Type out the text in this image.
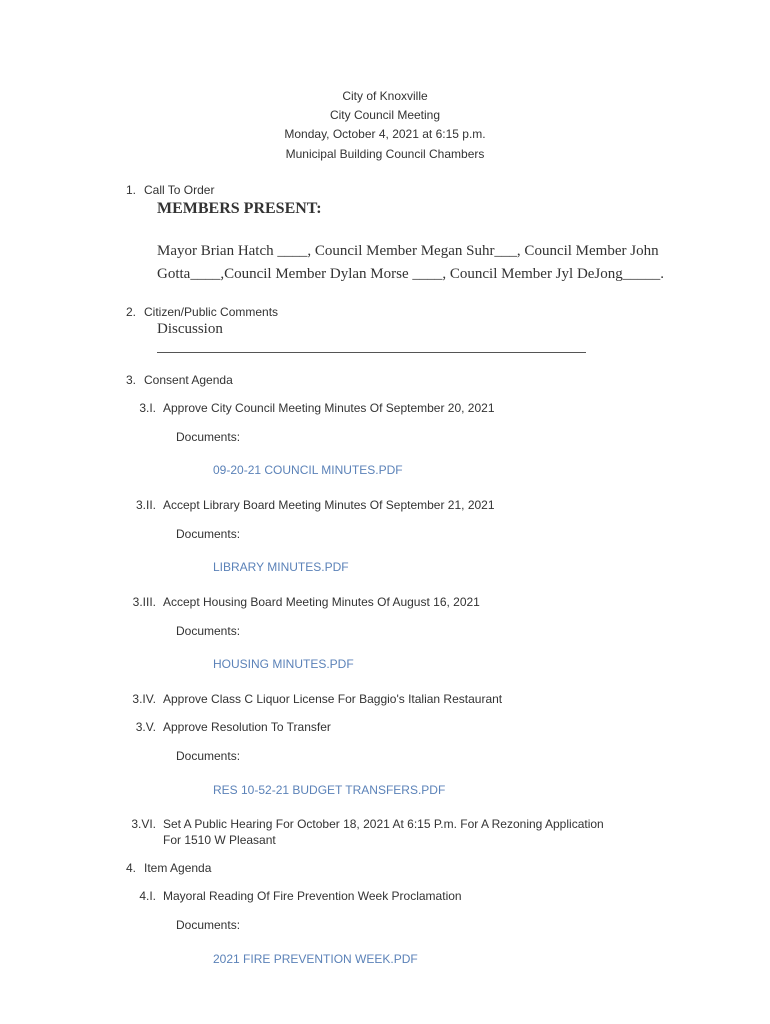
City of Knoxville
City Council Meeting
Monday, October 4, 2021 at 6:15 p.m.
Municipal Building Council Chambers
1. Call To Order
MEMBERS PRESENT:
Mayor Brian Hatch ____, Council Member Megan Suhr___, Council Member John
Gotta____,Council Member Dylan Morse ____, Council Member Jyl DeJong_____.
2. Citizen/Public Comments
Discussion
3. Consent Agenda
3.I. Approve City Council Meeting Minutes Of September 20, 2021
Documents:
09-20-21 COUNCIL MINUTES.PDF
3.II. Accept Library Board Meeting Minutes Of September 21, 2021
Documents:
LIBRARY MINUTES.PDF
3.III. Accept Housing Board Meeting Minutes Of August 16, 2021
Documents:
HOUSING MINUTES.PDF
3.IV. Approve Class C Liquor License For Baggio's Italian Restaurant
3.V. Approve Resolution To Transfer
Documents:
RES 10-52-21 BUDGET TRANSFERS.PDF
3.VI. Set A Public Hearing For October 18, 2021 At 6:15 P.m. For A Rezoning Application
For 1510 W Pleasant
4. Item Agenda
4.I. Mayoral Reading Of Fire Prevention Week Proclamation
Documents:
2021 FIRE PREVENTION WEEK.PDF
